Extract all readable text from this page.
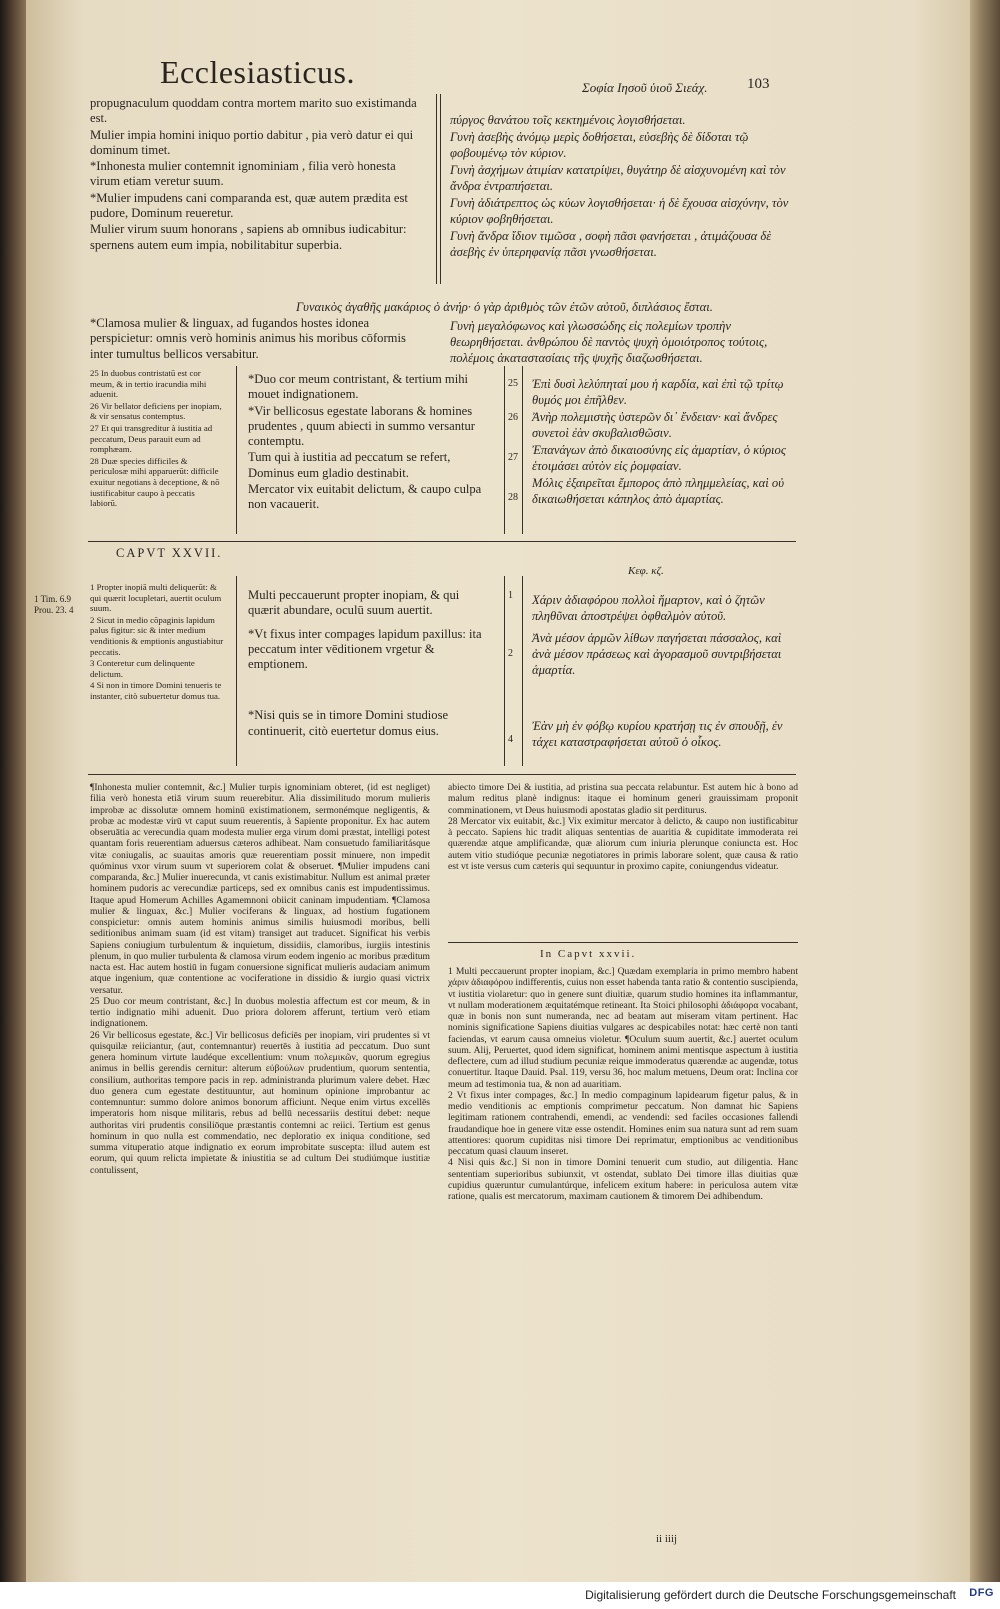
Ecclesiasticus.	Σοφία Ιησοῦ ὑιοῦ Σιεάχ.	103

propugnaculum quoddam contra mortem marito suo existimanda est.

Mulier impia homini iniquo portio dabitur , pia verò datur ei qui dominum timet.

*Inhonesta mulier contemnit ignominiam , filia verò honesta virum etiam veretur suum.

*Mulier impudens cani comparanda est, quæ autem prædita est pudore, Dominum reueretur.

Mulier virum suum honorans , sapiens ab omnibus iudicabitur: spernens autem eum impia, nobilitabitur superbia.

πύργος θανάτου τοῖς κεκτημένοις λογισθήσεται.

Γυνὴ ἀσεβὴς ἀνόμῳ μερὶς δοθήσεται, εὐσεβὴς δὲ δίδοται τῷ φοβουμένῳ τὸν κύριον.

Γυνὴ ἀσχήμων ἀτιμίαν κατατρίψει, θυγάτηρ δὲ αἰσχυνομένη καὶ τὸν ἄνδρα ἐντραπήσεται.

Γυνὴ ἀδιάτρεπτος ὡς κύων λογισθήσεται· ἡ δὲ ἔχουσα αἰσχύνην, τὸν κύριον φοβηθήσεται.

Γυνὴ ἄνδρα ἴδιον τιμῶσα , σοφὴ πᾶσι φανήσεται , ἀτιμάζουσα δὲ ἀσεβὴς ἐν ὑπερηφανίᾳ πᾶσι γνωσθήσεται.

Γυναικὸς ἀγαθῆς μακάριος ὁ ἀνήρ· ὁ γὰρ ἀριθμὸς τῶν ἐτῶν αὐτοῦ, διπλάσιος ἔσται.

*Clamosa mulier & linguax, ad fugandos hostes idonea perspicietur: omnis verò hominis animus his moribus cōformis inter tumultus bellicos versabitur.

Γυνὴ μεγαλόφωνος καὶ γλωσσώδης εἰς πολεμίων τροπὴν θεωρηθήσεται. ἀνθρώπου δὲ παντὸς ψυχὴ ὁμοιότροπος τούτοις, πολέμοις ἀκαταστασίαις τῆς ψυχῆς διαζωσθήσεται.

25 In duobus contristatū est cor meum, & in tertio iracundia mihi aduenit.

26 Vir bellator deficiens per inopiam, & vir sensatus contemptus.

27 Et qui transgreditur à iustitia ad peccatum, Deus parauit eum ad romphæam.

28 Duæ species difficiles & periculosæ mihi apparuerūt: difficile exuitur negotians à deceptione, & nō iustificabitur caupo à peccatis labiorū.

*Duo cor meum contristant, & tertium mihi mouet indignationem.

*Vir bellicosus egestate laborans & homines prudentes , quum abiecti in summo versantur contemptu.

Tum qui à iustitia ad peccatum se refert, Dominus eum gladio destinabit.

Mercator vix euitabit delictum, & caupo culpa non vacauerit.

25
26
27
28

Ἐπὶ δυσὶ λελύπηταί μου ἡ καρδία, καὶ ἐπὶ τῷ τρίτῳ θυμός μοι ἐπῆλθεν.

Ἀνὴρ πολεμιστὴς ὑστερῶν δι᾽ ἔνδειαν· καὶ ἄνδρες συνετοὶ ἐὰν σκυβαλισθῶσιν.

Ἐπανάγων ἀπὸ δικαιοσύνης εἰς ἁμαρτίαν, ὁ κύριος ἑτοιμάσει αὐτὸν εἰς ῥομφαίαν.

Μόλις ἐξαιρεῖται ἔμπορος ἀπὸ πλημμελείας, καὶ οὐ δικαιωθήσεται κάπηλος ἀπὸ ἁμαρτίας.

CAPVT XXVII.
Κεφ. κζ.
1 Tim. 6.9
Prou. 23. 4

1 Propter inopiā multi deliquerūt: & qui quærit locupletari, auertit oculum suum.

2 Sicut in medio cōpaginis lapidum palus figitur: sic & inter medium venditionis & emptionis angustiabitur peccatis.

3 Conteretur cum delinquente delictum.

4 Si non in timore Domini tenueris te instanter, citò subuertetur domus tua.

Multi peccauerunt propter inopiam, & qui quærit abundare, oculū suum auertit.

*Vt fixus inter compages lapidum paxillus: ita peccatum inter vēditionem vrgetur & emptionem.

*Nisi quis se in timore Domini studiose continuerit, citò euertetur domus eius.

1
2
4

Χάριν ἀδιαφόρου πολλοὶ ἥμαρτον, καὶ ὁ ζητῶν πληθῦναι ἀποστρέψει ὀφθαλμὸν αὐτοῦ.

Ἀνὰ μέσον ἁρμῶν λίθων παγήσεται πάσσαλος, καὶ ἀνὰ μέσον πράσεως καὶ ἀγορασμοῦ συντριβήσεται ἁμαρτία.

Ἐὰν μὴ ἐν φόβῳ κυρίου κρατήσῃ τις ἐν σπουδῇ, ἐν τάχει καταστραφήσεται αὐτοῦ ὁ οἶκος.

¶Inhonesta mulier contemnit, &c.] Mulier turpis ignominiam obteret, (id est negliget) filia verò honesta etiā virum suum reuerebitur. Alia dissimilitudo morum mulieris improbæ ac dissolutæ omnem hominū existimationem, sermonémque negligentis, & probæ ac modestæ virū vt caput suum reuerentis, à Sapiente proponitur. Ex hac autem obseruātia ac verecundia quam modesta mulier erga virum domi præstat, intelligi potest quantam foris reuerentiam aduersus cæteros adhibeat. Nam consuetudo familiaritásque vitæ coniugalis, ac suauitas amoris quæ reuerentiam possit minuere, non impedit quóminus vxor virum suum vt superiorem colat & obseruet. ¶Mulier impudens cani comparanda, &c.] Mulier inuerecunda, vt canis existimabitur. Nullum est animal præter hominem pudoris ac verecundiæ particeps, sed ex omnibus canis est impudentissimus. Itaque apud Homerum Achilles Agamemnoni obiicit caninam impudentiam. ¶Clamosa mulier & linguax, &c.] Mulier vociferans & linguax, ad hostium fugationem conspicietur: omnis autem hominis animus similis huiusmodi moribus, belli seditionibus animam suam (id est vitam) transiget aut traducet. Significat his verbis Sapiens coniugium turbulentum & inquietum, dissidiis, clamoribus, iurgiis intestinis plenum, in quo mulier turbulenta & clamosa virum eodem ingenio ac moribus præditum nacta est. Hac autem hostiū in fugam conuersione significat mulieris audaciam animum atque ingenium, quæ contentione ac vociferatione in dissidio & iurgio quasi victrix versatur.
25 Duo cor meum contristant, &c.] In duobus molestia affectum est cor meum, & in tertio indignatio mihi aduenit. Duo priora dolorem afferunt, tertium verò etiam indignationem.
26 Vir bellicosus egestate, &c.] Vir bellicosus deficiēs per inopiam, viri prudentes si vt quisquilæ reiiciantur, (aut, contemnantur) reuertēs à iustitia ad peccatum. Duo sunt genera hominum virtute laudéque excellentium: vnum πολεμικῶν, quorum egregius animus in bellis gerendis cernitur: alterum εὐβούλων prudentium, quorum sententia, consilium, authoritas tempore pacis in rep. administranda plurimum valere debet. Hæc duo genera cum egestate destituuntur, aut hominum opinione improbantur ac contemnuntur: summo dolore animos bonorum afficiunt. Neque enim virtus excellēs imperatoris hom nisque militaris, rebus ad bellū necessariis destitui debet: neque authoritas viri prudentis consiliōque præstantis contemni ac reiici. Tertium est genus hominum in quo nulla est commendatio, nec deploratio ex iniqua conditione, sed summa vituperatio atque indignatio ex eorum improbitate suscepta: illud autem est eorum, qui quum relicta impietate & iniustitia se ad cultum Dei studiúmque iustitiæ contulissent,
abiecto timore Dei & iustitia, ad pristina sua peccata relabuntur. Est autem hic à bono ad malum reditus planè indignus: itaque ei hominum generi grauissimam proponit comminationem, vt Deus huiusmodi apostatas gladio sit perditurus.
28 Mercator vix euitabit, &c.] Vix eximitur mercator à delicto, & caupo non iustificabitur à peccato. Sapiens hic tradit aliquas sententias de auaritia & cupiditate immoderata rei quærendæ atque amplificandæ, quæ aliorum cum iniuria plerunque coniuncta est. Hoc autem vitio studióque pecuniæ negotiatores in primis laborare solent, quæ causa & ratio est vt iste versus cum cæteris qui sequuntur in proximo capite, coniungendus videatur.
In Capvt xxvii.
1 Multi peccauerunt propter inopiam, &c.] Quædam exemplaria in primo membro habent χάριν ἀδιαφόρου indifferentis, cuius non esset habenda tanta ratio & contentio suscipienda, vt iustitia violaretur: quo in genere sunt diuitiæ, quarum studio homines ita inflammantur, vt nullam moderationem æquitatémque retineant. Ita Stoici philosophi ἀδιάφορα vocabant, quæ in bonis non sunt numeranda, nec ad beatam aut miseram vitam pertinent. Hac nominis significatione Sapiens diuitias vulgares ac despicabiles notat: hæc certè non tanti faciendas, vt earum causa omneius violetur. ¶Oculum suum auertit, &c.] auertet oculum suum. Alij, Peruertet, quod idem significat, hominem animi mentisque aspectum à iustitia deflectere, cum ad illud studium pecuniæ reique immoderatus quærendæ ac augendæ, totus conuertitur. Itaque Dauid. Psal. 119, versu 36, hoc malum metuens, Deum orat: Inclina cor meum ad testimonia tua, & non ad auaritiam.
2 Vt fixus inter compages, &c.] In medio compaginum lapidearum figetur palus, & in medio venditionis ac emptionis comprimetur peccatum. Non damnat hic Sapiens legitimam rationem contrahendi, emendi, ac vendendi: sed faciles occasiones fallendi fraudandique hoe in genere vitæ esse ostendit. Homines enim sua natura sunt ad rem suam attentiores: quorum cupiditas nisi timore Dei reprimatur, emptionibus ac venditionibus peccatum quasi clauum inseret.
4 Nisi quis &c.] Si non in timore Domini tenuerit cum studio, aut diligentia. Hanc sententiam superioribus subiunxit, vt ostendat, sublato Dei timore illas diuitias quæ cupidius quæruntur cumulantúrque, infelicem exitum habere: in periculosa autem vitæ ratione, qualis est mercatorum, maximam cautionem & timorem Dei adhibendum.
ii iiij
Digitalisierung gefördert durch die Deutsche Forschungsgemeinschaft DFG
